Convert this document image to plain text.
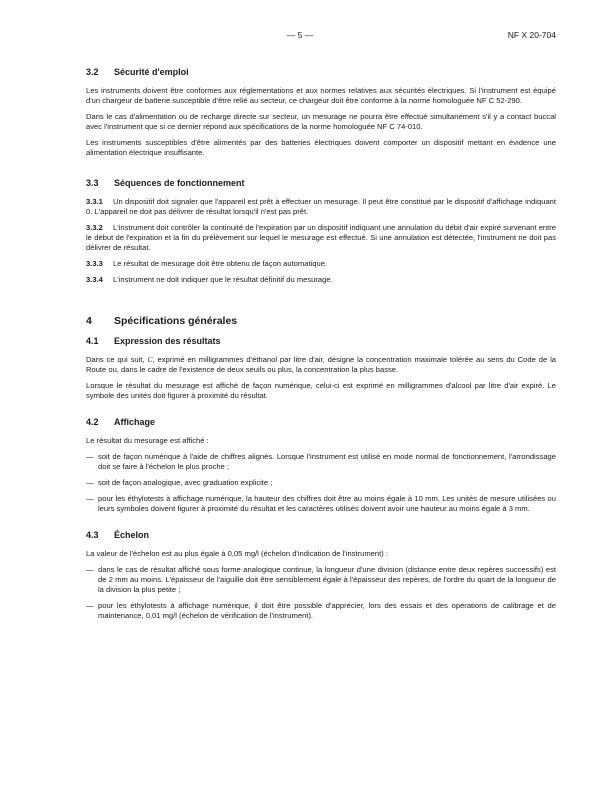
— 5 —	NF X 20-704
3.2 Sécurité d'emploi

Les instruments doivent être conformes aux réglementations et aux normes relatives aux sécurités électriques. Si l'instrument est équipé d'un chargeur de batterie susceptible d'être relié au secteur, ce chargeur doit être conforme à la norme homologuée NF C 52-290.

Dans le cas d'alimentation ou de recharge directe sur secteur, un mesurage ne pourra être effectué simultanément s'il y a contact buccal avec l'instrument que si ce dernier répond aux spécifications de la norme homologuée NF C 74-010.

Les instruments susceptibles d'être alimentés par des batteries électriques doivent comporter un dispositif mettant en évidence une alimentation électrique insuffisante.

3.3 Séquences de fonctionnement

3.3.1 Un dispositif doit signaler que l'appareil est prêt à effectuer un mesurage. Il peut être constitué par le dispositif d'affichage indiquant 0. L'appareil ne doit pas délivrer de résultat lorsqu'il n'est pas prêt.

3.3.2 L'instrument doit contrôler la continuité de l'expiration par un dispositif indiquant une annulation du débit d'air expiré survenant entre le début de l'expiration et la fin du prélèvement sur lequel le mesurage est effectué. Si une annulation est détectée, l'instrument ne doit pas délivrer de résultat.

3.3.3 Le résultat de mesurage doit être obtenu de façon automatique.

3.3.4 L'instrument ne doit indiquer que le résultat définitif du mesurage.

4 Spécifications générales
4.1 Expression des résultats

Dans ce qui suit, C, exprimé en milligrammes d'éthanol par litre d'air, désigne la concentration maximale tolérée au sens du Code de la Route ou, dans le cadre de l'existence de deux seuils ou plus, la concentration la plus basse.

Lorsque le résultat du mesurage est affiché de façon numérique, celui-ci est exprimé en milligrammes d'alcool par litre d'air expiré. Le symbole des unités doit figurer à proximité du résultat.

4.2 Affichage

Le résultat du mesurage est affiché :

— soit de façon numérique à l'aide de chiffres alignés. Lorsque l'instrument est utilisé en mode normal de fonctionnement, l'arrondissage doit se faire à l'échelon le plus proche ;

— soit de façon analogique, avec graduation explicite ;

— pour les éthylotests à affichage numérique, la hauteur des chiffres doit être au moins égale à 10 mm. Les unités de mesure utilisées ou leurs symboles doivent figurer à proximité du résultat et les caractères utilisés doivent avoir une hauteur au moins égale à 3 mm.

4.3 Échelon

La valeur de l'échelon est au plus égale à 0,05 mg/l (échelon d'indication de l'instrument) :

— dans le cas de résultat affiché sous forme analogique continue, la longueur d'une division (distance entre deux repères successifs) est de 2 mm au moins. L'épaisseur de l'aiguille doit être sensiblement égale à l'épaisseur des repères, de l'ordre du quart de la longueur de la division la plus petite ;

— pour les éthylotests à affichage numérique, il doit être possible d'apprécier, lors des essais et des opérations de calibrage et de maintenance, 0,01 mg/l (échelon de vérification de l'instrument).
